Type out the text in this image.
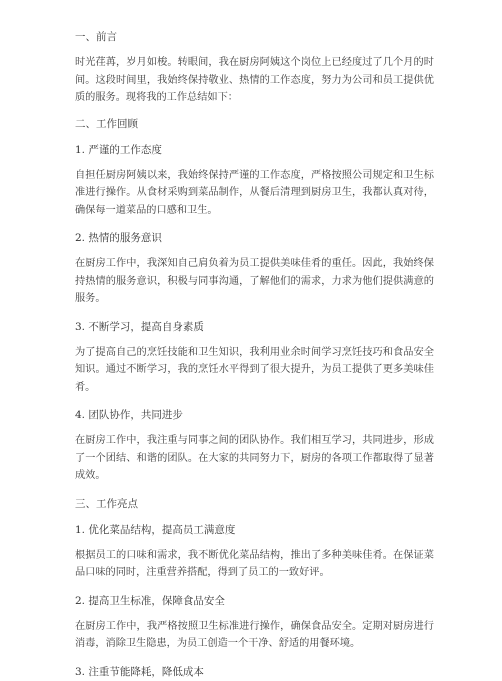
一、前言

时光荏苒，岁月如梭。转眼间，我在厨房阿姨这个岗位上已经度过了几个月的时间。这段时间里，我始终保持敬业、热情的工作态度，努力为公司和员工提供优质的服务。现将我的工作总结如下：

二、工作回顾

1. 严谨的工作态度

自担任厨房阿姨以来，我始终保持严谨的工作态度，严格按照公司规定和卫生标准进行操作。从食材采购到菜品制作，从餐后清理到厨房卫生，我都认真对待，确保每一道菜品的口感和卫生。

2. 热情的服务意识

在厨房工作中，我深知自己肩负着为员工提供美味佳肴的重任。因此，我始终保持热情的服务意识，积极与同事沟通，了解他们的需求，力求为他们提供满意的服务。

3. 不断学习，提高自身素质

为了提高自己的烹饪技能和卫生知识，我利用业余时间学习烹饪技巧和食品安全知识。通过不断学习，我的烹饪水平得到了很大提升，为员工提供了更多美味佳肴。

4. 团队协作，共同进步

在厨房工作中，我注重与同事之间的团队协作。我们相互学习，共同进步，形成了一个团结、和谐的团队。在大家的共同努力下，厨房的各项工作都取得了显著成效。

三、工作亮点

1. 优化菜品结构，提高员工满意度

根据员工的口味和需求，我不断优化菜品结构，推出了多种美味佳肴。在保证菜品口味的同时，注重营养搭配，得到了员工的一致好评。

2. 提高卫生标准，保障食品安全

在厨房工作中，我严格按照卫生标准进行操作，确保食品安全。定期对厨房进行消毒，消除卫生隐患，为员工创造一个干净、舒适的用餐环境。

3. 注重节能降耗，降低成本
